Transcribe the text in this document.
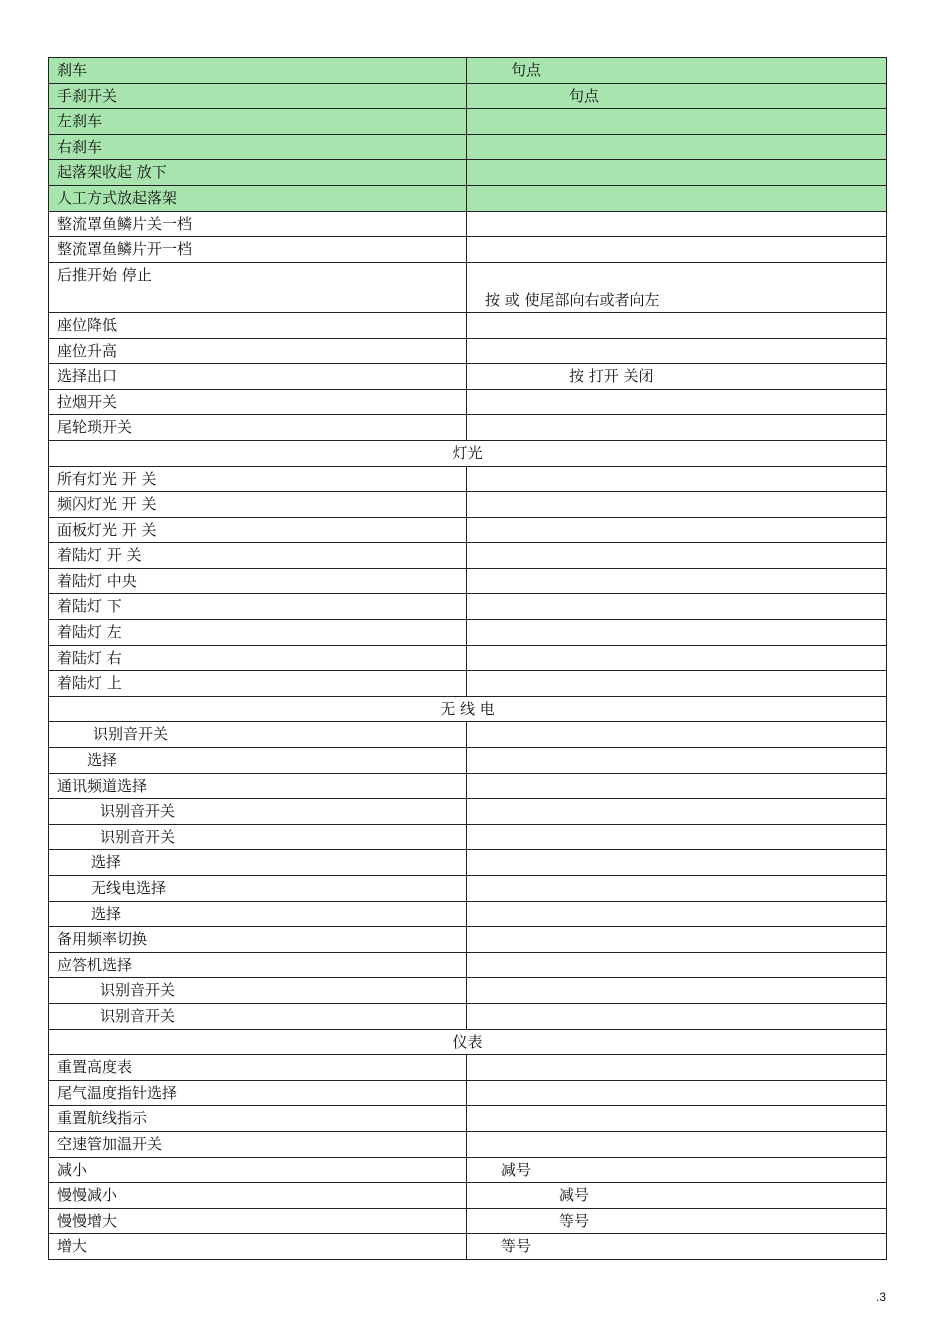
刹车	句点
手刹开关	句点
左刹车	
右刹车	
起落架收起 放下	
人工方式放起落架	
整流罩鱼鳞片关一档	
整流罩鱼鳞片开一档	
后推开始 停止	按 或 使尾部向右或者向左
座位降低	
座位升高	
选择出口	按 打开 关闭
拉烟开关	
尾轮琐开关	
灯光	
所有灯光 开 关	
频闪灯光 开 关	
面板灯光 开 关	
着陆灯 开 关	
着陆灯 中央	
着陆灯 下	
着陆灯 左	
着陆灯 右	
着陆灯 上	
无 线 电	
识别音开关	
选择	
通讯频道选择	
识别音开关	
识别音开关	
选择	
无线电选择	
选择	
备用频率切换	
应答机选择	
识别音开关	
识别音开关	
仪表	
重置高度表	
尾气温度指针选择	
重置航线指示	
空速管加温开关	
减小	减号
慢慢减小	减号
慢慢增大	等号
增大	等号
.3
